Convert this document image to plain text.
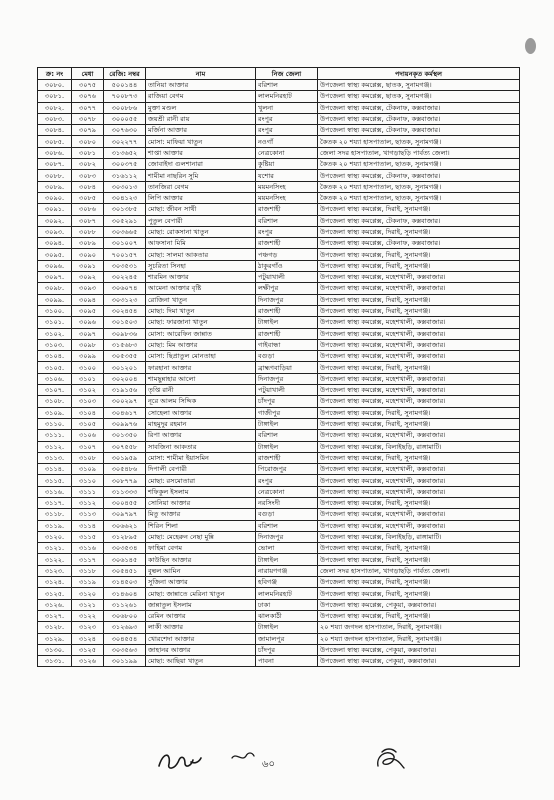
ক্র: নং	মেধা	রেজি: নম্বর	নাম	নিজ জেলা	পদায়নকৃত কর্মস্থল
৩০৮০.	৩০৭৫	৫০০১৪৪	তানিয়া আক্তার	বরিশাল	উপজেলা স্বাস্থ্য কমপ্লেক্স, ছাতক, সুনামগঞ্জ।
৩০৮১.	৩০৭৬	৭০০৮৭৩	রাজিয়া বেগম	লালমনিরহাট	উপজেলা স্বাস্থ্য কমপ্লেক্স, ছাতক, সুনামগঞ্জ।
৩০৮২.	৩০৭৭	৩০০৮৮৬	মুক্তা মণ্ডল	খুলনা	উপজেলা স্বাস্থ্য কমপ্লেক্স, টেকনাফ, কক্সবাজার।
৩০৮৩.	৩০৭৮	৩০০০৫৫	জয়শ্রী রানী রায়	রংপুর	উপজেলা স্বাস্থ্য কমপ্লেক্স, টেকনাফ, কক্সবাজার।
৩০৮৪.	৩০৭৯	৩০৭৬৩০	মর্জিনা আক্তার	রংপুর	উপজেলা স্বাস্থ্য কমপ্লেক্স, টেকনাফ, কক্সবাজার।
৩০৮৫.	৩০৮০	৩০২২৭৭	মোসা: মাফিয়া খাতুন	নওগাঁ	কৈতক ২০ শয্যা হাসপাতাল, ছাতক, সুনামগঞ্জ।
৩০৮৬.	৩০৮১	৩১৩৬৫২	শাপ্তা আক্তার	নেত্রকোনা	জেলা সদর হাসপাতাল, খাগড়াছড়ি পার্বত্য জেলা।
৩০৮৭.	৩০৮২	৩০০৩৭৫	জোবাইদা গুলশানারা	কুষ্টিয়া	কৈতক ২০ শয্যা হাসপাতাল, ছাতক, সুনামগঞ্জ।
৩০৮৮.	৩০৮৩	৩১৬১১২	শামীমা নাছরিন সুমি	যশোর	উপজেলা স্বাস্থ্য কমপ্লেক্স, টেকনাফ, কক্সবাজার।
৩০৮৯.	৩০৮৪	৩০৩০১৩	তানজিরা বেগম	ময়মনসিংহ	কৈতক ২০ শয্যা হাসপাতাল, ছাতক, সুনামগঞ্জ।
৩০৯০.	৩০৮৫	৩০৪১২৩	লিপি আক্তার	ময়মনসিংহ	কৈতক ২০ শয্যা হাসপাতাল, ছাতক, সুনামগঞ্জ।
৩০৯১.	৩০৮৬	৩০১৩৮৫	মোছা: জীবন সাথী	রাজশাহী	উপজেলা স্বাস্থ্য কমপ্লেক্স, দিরাই, সুনামগঞ্জ।
৩০৯২.	৩০৮৭	৩০৫২৯১	পুতুল বেপারী	বরিশাল	উপজেলা স্বাস্থ্য কমপ্লেক্স, টেকনাফ, কক্সবাজার।
৩০৯৩.	৩০৮৮	৩০৩৬৬৫	মোছা: রোকসানা খাতুন	রংপুর	উপজেলা স্বাস্থ্য কমপ্লেক্স, দিরাই, সুনামগঞ্জ।
৩০৯৪.	৩০৮৯	৩০১০০৭	আফসানা মিমি	রাজশাহী	উপজেলা স্বাস্থ্য কমপ্লেক্স, টেকনাফ, কক্সবাজার।
৩০৯৫.	৩০৯০	৭০০১৫৭	মোছা: সালমা আকতার	পঞ্চগড়	উপজেলা স্বাস্থ্য কমপ্লেক্স, দিরাই, সুনামগঞ্জ।
৩০৯৬.	৩০৯১	৩০৩৫৩১	সুচরিতা সিনহা	ঠাকুরগাঁও	উপজেলা স্বাস্থ্য কমপ্লেক্স, দিরাই, সুনামগঞ্জ।
৩০৯৭.	৩০৯২	৩০২২৪৫	শারমিন আক্তার	পটুয়াখালী	উপজেলা স্বাস্থ্য কমপ্লেক্স, মহেশখালী, কক্সবাজার।
৩০৯৮.	৩০৯৩	৩০৬০৭৪	আমেনা আক্তার বৃষ্টি	লক্ষীপুর	উপজেলা স্বাস্থ্য কমপ্লেক্স, মহেশখালী, কক্সবাজার।
৩০৯৯.	৩০৯৪	৩০৩১২৩	রোজিনা খাতুন	দিনাজপুর	উপজেলা স্বাস্থ্য কমপ্লেক্স, দিরাই, সুনামগঞ্জ।
৩১০০.	৩০৯৫	৩০২৪৫৪	মোছা: দিমা খাতুন	রাজশাহী	উপজেলা স্বাস্থ্য কমপ্লেক্স, দিরাই, সুনামগঞ্জ।
৩১০১.	৩০৯৬	৩০১৫০৩	মোছা: ফারজানা খাতুন	টাঙ্গাইল	উপজেলা স্বাস্থ্য কমপ্লেক্স, মহেশখালী, কক্সবাজার।
৩১০২.	৩০৯৭	৩০৯৮৩৬	মোসা: আরেফিন জান্নাত	রাজশাহী	উপজেলা স্বাস্থ্য কমপ্লেক্স, মহেশখালী, কক্সবাজার।
৩১০৩.	৩০৯৮	৩১৫৬৮৩	মোছা: মিম আক্তার	গাইবান্ধা	উপজেলা স্বাস্থ্য কমপ্লেক্স, মহেশখালী, কক্সবাজার।
৩১০৪.	৩০৯৯	৩০৫৩৫৫	মোসা: ছিপ্রাতুল মোনতাহা	বগুড়া	উপজেলা স্বাস্থ্য কমপ্লেক্স, মহেশখালী, কক্সবাজার।
৩১০৫.	৩১০০	৩০১২০১	ফারহানা আক্তার	ব্রাহ্মণবাড়িয়া	উপজেলা স্বাস্থ্য কমপ্লেক্স, দিরাই, সুনামগঞ্জ।
৩১০৬.	৩১০১	৩০২০০৪	শামছুন্নাহার আলো	দিনাজপুর	উপজেলা স্বাস্থ্য কমপ্লেক্স, মহেশখালী, কক্সবাজার।
৩১০৭.	৩১০২	৩১৯১৫৬	তৃপ্তি রানী	পটুয়াখালী	উপজেলা স্বাস্থ্য কমপ্লেক্স, মহেশখালী, কক্সবাজার।
৩১০৮.	৩১০৩	৩০০২৯৭	নূরে আলম সিদ্দিক	চাঁদপুর	উপজেলা স্বাস্থ্য কমপ্লেক্স, মহেশখালী, কক্সবাজার।
৩১০৯.	৩১০৪	৩০৪৬১৭	সোহেলা আক্তার	গাজীপুর	উপজেলা স্বাস্থ্য কমপ্লেক্স, দিরাই, সুনামগঞ্জ।
৩১১০.	৩১০৫	৩০৯৯৭৬	মাহমুদুর রহমান	টাঙ্গাইল	উপজেলা স্বাস্থ্য কমপ্লেক্স, দিরাই, সুনামগঞ্জ।
৩১১১.	৩১০৬	৩০১৩৫০	রিপা আক্তার	বরিশাল	উপজেলা স্বাস্থ্য কমপ্লেক্স, মহেশখালী, কক্সবাজার।
৩১১২.	৩১০৭	৩০৭৫৫৮	সাবজিনা আকতার	টাঙ্গাইল	উপজেলা স্বাস্থ্য কমপ্লেক্স, বিলাইছড়ি, রাঙ্গামাটি।
৩১১৩.	৩১০৮	৩০১৯৫৯	মোসা: শামীমা ইয়াসমিন	রাজশাহী	উপজেলা স্বাস্থ্য কমপ্লেক্স, দিরাই, সুনামগঞ্জ।
৩১১৪.	৩১০৯	৩০৫৪৮৬	দিপালী বেপারী	পিরোজপুর	উপজেলা স্বাস্থ্য কমপ্লেক্স, মহেশখালী, কক্সবাজার।
৩১১৫.	৩১১০	৩০৮৭৭৯	মোছা: রসমোতারা	রংপুর	উপজেলা স্বাস্থ্য কমপ্লেক্স, মহেশখালী, কক্সবাজার।
৩১১৬.	৩১১১	৩১১৩৩৩	শফিকুল ইসলাম	নেত্রকোনা	উপজেলা স্বাস্থ্য কমপ্লেক্স, মহেশখালী, কক্সবাজার।
৩১১৭.	৩১১২	৩০০৪৫৫	সোনিয়া আক্তার	নরসিংদী	উপজেলা স্বাস্থ্য কমপ্লেক্স, দিরাই, সুনামগঞ্জ।
৩১১৮.	৩১১৩	৩০৯৭৯৭	মিতু আক্তার	বগুড়া	উপজেলা স্বাস্থ্য কমপ্লেক্স, মহেশখালী, কক্সবাজার।
৩১১৯.	৩১১৪	৩০৬৬২১	শিরিন শিলা	বরিশাল	উপজেলা স্বাস্থ্য কমপ্লেক্স, মহেশখালী, কক্সবাজার।
৩১২০.	৩১১৫	৩১২৮৯৫	মোছা: মেহেরুন নেছা মুন্নি	দিনাজপুর	উপজেলা স্বাস্থ্য কমপ্লেক্স, বিলাইছড়ি, রাঙ্গামাটি।
৩১২১.	৩১১৬	৩০৩৫৩৪	ফাহিমা বেগম	ভোলা	উপজেলা স্বাস্থ্য কমপ্লেক্স, দিরাই, সুনামগঞ্জ।
৩১২২.	৩১১৭	৩০৬১৪৫	কাউছিন আক্তার	টাঙ্গাইল	উপজেলা স্বাস্থ্য কমপ্লেক্স, দিরাই, সুনামগঞ্জ।
৩১২৩.	৩১১৮	৩০৫৪৫১	বুল্বল আমিন	নারায়ণগঞ্জ	জেলা সদর হাসপাতাল, খাগড়াছড়ি পার্বত্য জেলা।
৩১২৪.	৩১১৯	৩১৪৫০৩	সুজিনা আক্তার	হবিগঞ্জ	উপজেলা স্বাস্থ্য কমপ্লেক্স, দিরাই, সুনামগঞ্জ।
৩১২৫.	৩১২০	৩১৪৬০৪	মোছা: জান্নাতে মেরিনা খাতুন	লালমনিরহাট	উপজেলা স্বাস্থ্য কমপ্লেক্স, দিরাই, সুনামগঞ্জ।
৩১২৬.	৩১২১	৩১১২৬১	জান্নাতুল ইসলাম	ঢাকা	উপজেলা স্বাস্থ্য কমপ্লেক্স, পেকুয়া, কক্সবাজার।
৩১২৭.	৩১২২	৩০৬৮০০	রেমিন আক্তার	ঝালকাঠী	উপজেলা স্বাস্থ্য কমপ্লেক্স, দিরাই, সুনামগঞ্জ।
৩১২৮.	৩১২৩	৩১২৬৯৩	লাকী আক্তার	টাঙ্গাইল	২০ শয্যা জগদল হাসপাতাল, দিরাই, সুনামগঞ্জ।
৩১২৯.	৩১২৪	৩০৪৫৫৪	খোরশেদা আক্তার	জামালপুর	২০ শয্যা জগদল হাসপাতাল, দিরাই, সুনামগঞ্জ।
৩১৩০.	৩১২৫	৩০৩৫৬৩	জাহানর আক্তার	চাঁদপুর	উপজেলা স্বাস্থ্য কমপ্লেক্স, পেকুয়া, কক্সবাজার।
৩১৩১.	৩১২৬	৩০১১৯৯	মোছা: আছিয়া খাতুন	পাবনা	উপজেলা স্বাস্থ্য কমপ্লেক্স, পেকুয়া, কক্সবাজার।
৬০
